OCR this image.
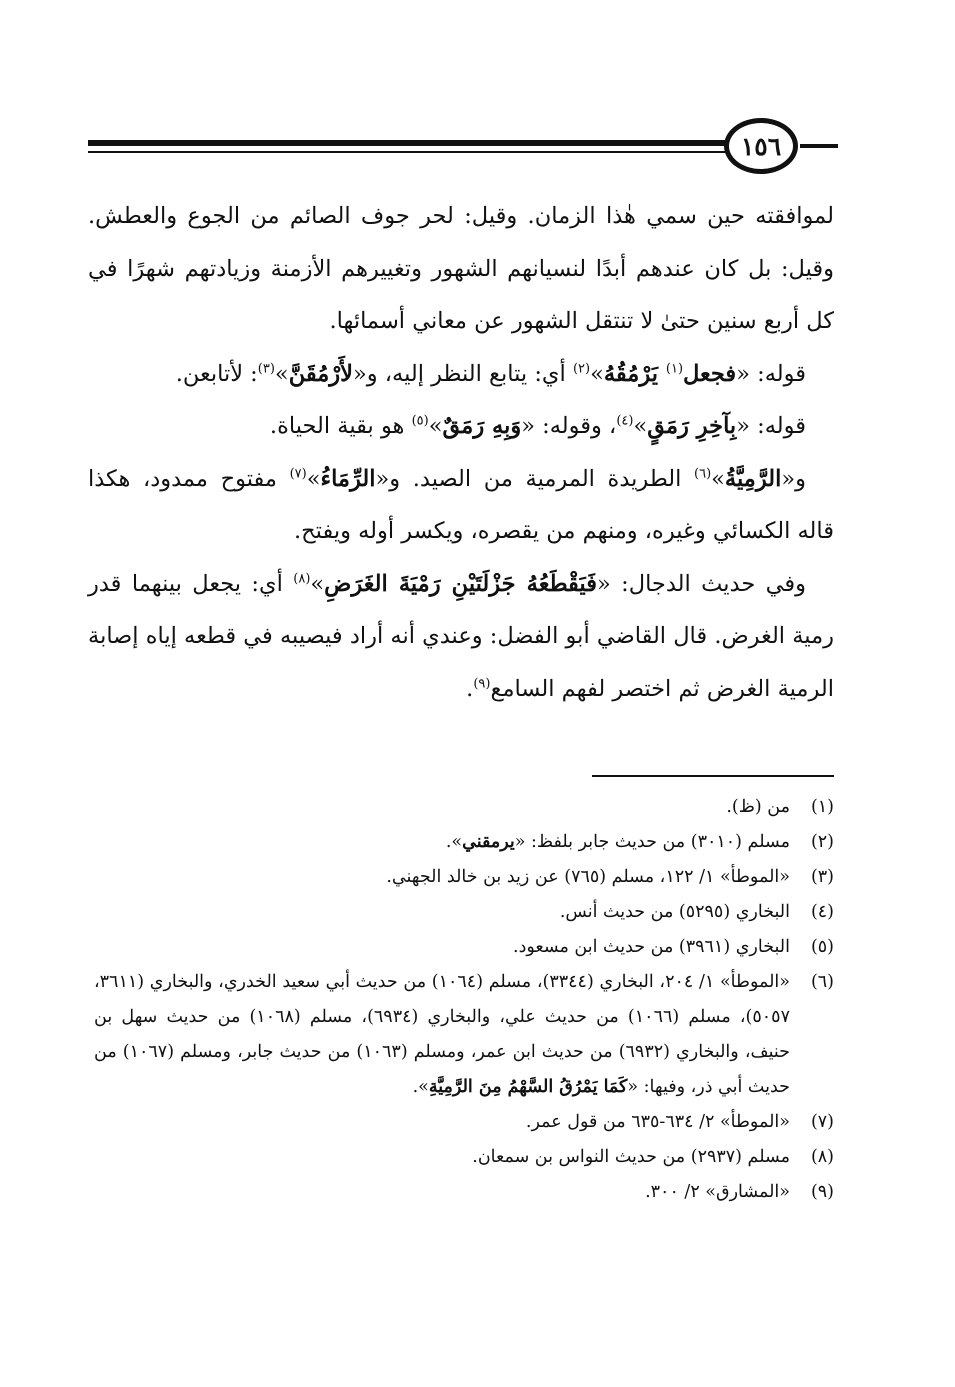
١٥٦

لموافقته حين سمي هٰذا الزمان. وقيل: لحر جوف الصائم من الجوع والعطش. وقيل: بل كان عندهم أبدًا لنسيانهم الشهور وتغييرهم الأزمنة وزيادتهم شهرًا في كل أربع سنين حتىٰ لا تنتقل الشهور عن معاني أسمائها.

قوله: «فجعل$^{(١)}$ يَرْمُقُهُ»$^{(٢)}$ أي: يتابع النظر إليه، و«لأَرْمُقَنَّ»$^{(٣)}$: لأتابعن.

قوله: «بِآخِرِ رَمَقٍ»$^{(٤)}$، وقوله: «وَبِهِ رَمَقٌ»$^{(٥)}$ هو بقية الحياة.

و«الرَّمِيَّةُ»$^{(٦)}$ الطريدة المرمية من الصيد. و«الرِّمَاءُ»$^{(٧)}$ مفتوح ممدود، هكذا قاله الكسائي وغيره، ومنهم من يقصره، ويكسر أوله ويفتح.

وفي حديث الدجال: «فَيَقْطَعُهُ جَزْلَتَيْنِ رَمْيَةَ الغَرَضِ»$^{(٨)}$ أي: يجعل بينهما قدر رمية الغرض. قال القاضي أبو الفضل: وعندي أنه أراد فيصيبه في قطعه إياه إصابة الرمية الغرض ثم اختصر لفهم السامع$^{(٩)}$.

(١)
من (ظ).
(٢)
مسلم (٣٠١٠) من حديث جابر بلفظ: «يرمقني».
(٣)
«الموطأ» ١/ ١٢٢، مسلم (٧٦٥) عن زيد بن خالد الجهني.
(٤)
البخاري (٥٢٩٥) من حديث أنس.
(٥)
البخاري (٣٩٦١) من حديث ابن مسعود.
(٦)
«الموطأ» ١/ ٢٠٤، البخاري (٣٣٤٤)، مسلم (١٠٦٤) من حديث أبي سعيد الخدري، والبخاري (٣٦١١، ٥٠٥٧)، مسلم (١٠٦٦) من حديث علي، والبخاري (٦٩٣٤)، مسلم (١٠٦٨) من حديث سهل بن حنيف، والبخاري (٦٩٣٢) من حديث ابن عمر، ومسلم (١٠٦٣) من حديث جابر، ومسلم (١٠٦٧) من حديث أبي ذر، وفيها: «كَمَا يَمْرُقُ السَّهْمُ مِنَ الرَّمِيَّةِ».
(٧)
«الموطأ» ٢/ ٦٣٤-٦٣٥ من قول عمر.
(٨)
مسلم (٢٩٣٧) من حديث النواس بن سمعان.
(٩)
«المشارق» ٢/ ٣٠٠.
